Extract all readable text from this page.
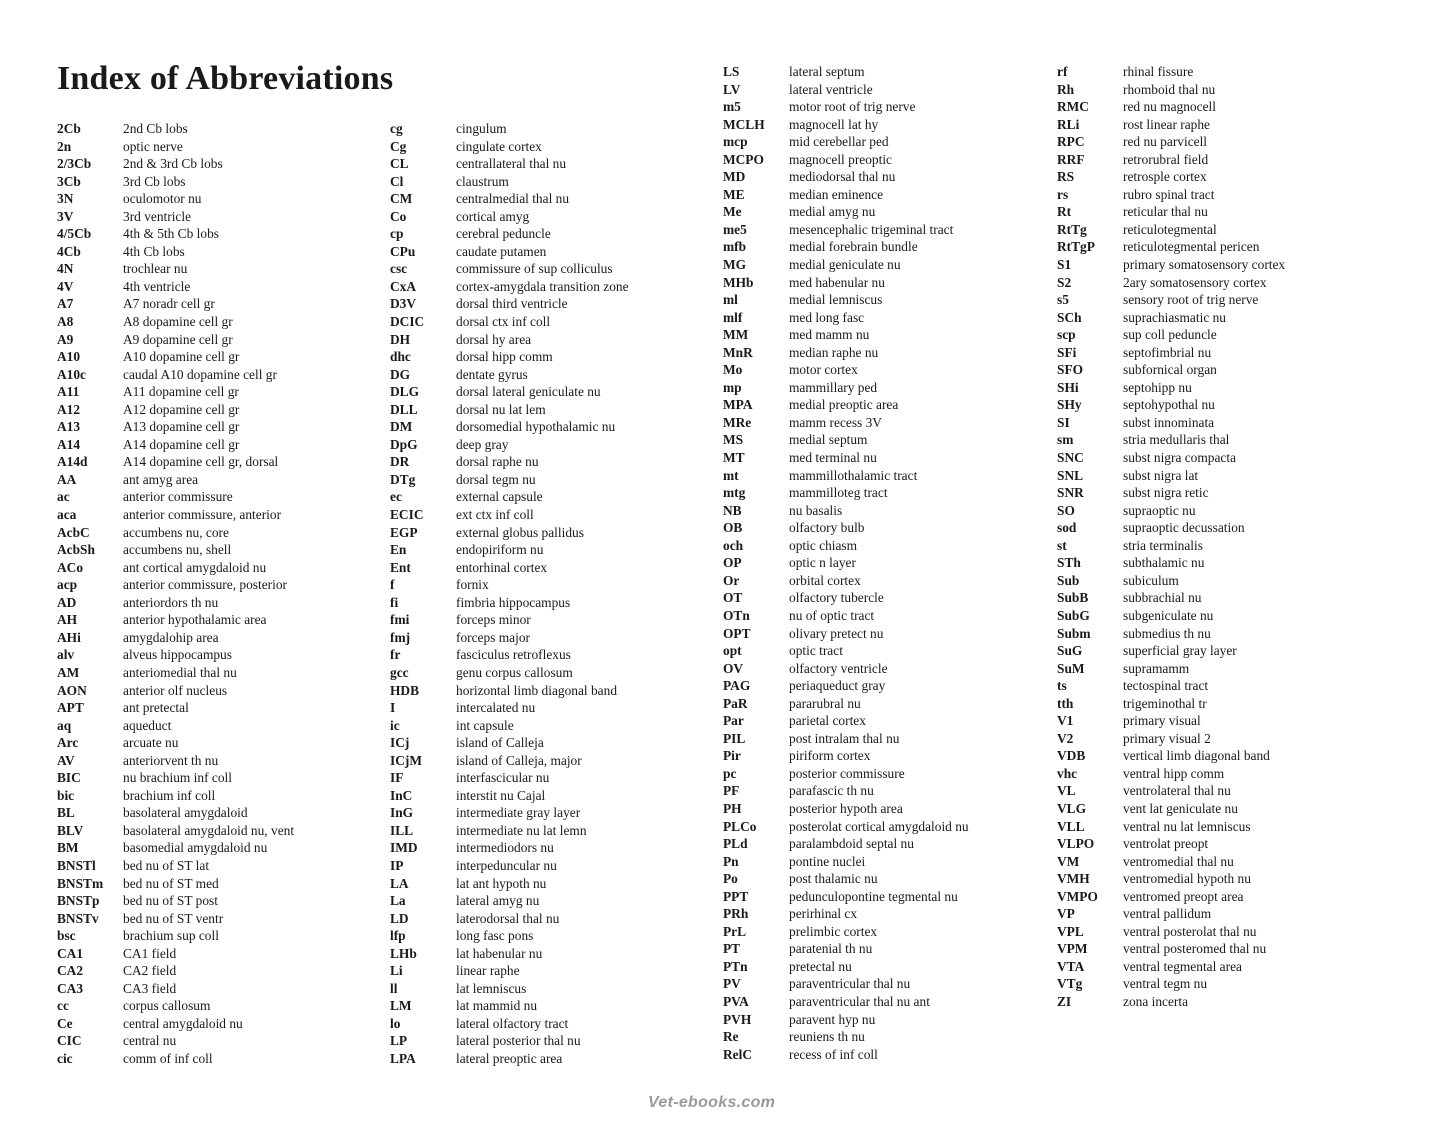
Index of Abbreviations
2Cb	2nd Cb lobs
2n	optic nerve
2/3Cb	2nd & 3rd Cb lobs
3Cb	3rd Cb lobs
3N	oculomotor nu
3V	3rd ventricle
4/5Cb	4th & 5th Cb lobs
4Cb	4th Cb lobs
4N	trochlear nu
4V	4th ventricle
A7	A7 noradr cell gr
A8	A8 dopamine cell gr
A9	A9 dopamine cell gr
A10	A10 dopamine cell gr
A10c	caudal A10 dopamine cell gr
A11	A11 dopamine cell gr
A12	A12 dopamine cell gr
A13	A13 dopamine cell gr
A14	A14 dopamine cell gr
A14d	A14 dopamine cell gr, dorsal
AA	ant amyg area
ac	anterior commissure
aca	anterior commissure, anterior
AcbC	accumbens nu, core
AcbSh	accumbens nu, shell
ACo	ant cortical amygdaloid nu
acp	anterior commissure, posterior
AD	anteriordors th nu
AH	anterior hypothalamic area
AHi	amygdalohip area
alv	alveus hippocampus
AM	anteriomedial thal nu
AON	anterior olf nucleus
APT	ant pretectal
aq	aqueduct
Arc	arcuate nu
AV	anteriorvent th nu
BIC	nu brachium inf coll
bic	brachium inf coll
BL	basolateral amygdaloid
BLV	basolateral amygdaloid nu, vent
BM	basomedial amygdaloid nu
BNSTl	bed nu of ST lat
BNSTm	bed nu of ST med
BNSTp	bed nu of ST post
BNSTv	bed nu of ST ventr
bsc	brachium sup coll
CA1	CA1 field
CA2	CA2 field
CA3	CA3 field
cc	corpus callosum
Ce	central amygdaloid nu
CIC	central nu
cic	comm of inf coll
cg	cingulum
Cg	cingulate cortex
CL	centrallateral thal nu
Cl	claustrum
CM	centralmedial thal nu
Co	cortical amyg
cp	cerebral peduncle
CPu	caudate putamen
csc	commissure of sup colliculus
CxA	cortex-amygdala transition zone
D3V	dorsal third ventricle
DCIC	dorsal ctx inf coll
DH	dorsal hy area
dhc	dorsal hipp comm
DG	dentate gyrus
DLG	dorsal lateral geniculate nu
DLL	dorsal nu lat lem
DM	dorsomedial hypothalamic nu
DpG	deep gray
DR	dorsal raphe nu
DTg	dorsal tegm nu
ec	external capsule
ECIC	ext ctx inf coll
EGP	external globus pallidus
En	endopiriform nu
Ent	entorhinal cortex
f	fornix
fi	fimbria hippocampus
fmi	forceps minor
fmj	forceps major
fr	fasciculus retroflexus
gcc	genu corpus callosum
HDB	horizontal limb diagonal band
I	intercalated nu
ic	int capsule
ICj	island of Calleja
ICjM	island of Calleja, major
IF	interfascicular nu
InC	interstit nu Cajal
InG	intermediate gray layer
ILL	intermediate nu lat lemn
IMD	intermediodors nu
IP	interpeduncular nu
LA	lat ant hypoth nu
La	lateral amyg nu
LD	laterodorsal thal nu
lfp	long fasc pons
LHb	lat habenular nu
Li	linear raphe
ll	lat lemniscus
LM	lat mammid nu
lo	lateral olfactory tract
LP	lateral posterior thal nu
LPA	lateral preoptic area
LS	lateral septum
LV	lateral ventricle
m5	motor root of trig nerve
MCLH	magnocell lat hy
mcp	mid cerebellar ped
MCPO	magnocell preoptic
MD	mediodorsal thal nu
ME	median eminence
Me	medial amyg nu
me5	mesencephalic trigeminal tract
mfb	medial forebrain bundle
MG	medial geniculate nu
MHb	med habenular nu
ml	medial lemniscus
mlf	med long fasc
MM	med mamm nu
MnR	median raphe nu
Mo	motor cortex
mp	mammillary ped
MPA	medial preoptic area
MRe	mamm recess 3V
MS	medial septum
MT	med terminal nu
mt	mammillothalamic tract
mtg	mammilloteg tract
NB	nu basalis
OB	olfactory bulb
och	optic chiasm
OP	optic n layer
Or	orbital cortex
OT	olfactory tubercle
OTn	nu of optic tract
OPT	olivary pretect nu
opt	optic tract
OV	olfactory ventricle
PAG	periaqueduct gray
PaR	pararubral nu
Par	parietal cortex
PIL	post intralam thal nu
Pir	piriform cortex
pc	posterior commissure
PF	parafascic th nu
PH	posterior hypoth area
PLCo	posterolat cortical amygdaloid nu
PLd	paralambdoid septal nu
Pn	pontine nuclei
Po	post thalamic nu
PPT	pedunculopontine tegmental nu
PRh	perirhinal cx
PrL	prelimbic cortex
PT	paratenial th nu
PTn	pretectal nu
PV	paraventricular thal nu
PVA	paraventricular thal nu ant
PVH	paravent hyp nu
Re	reuniens th nu
RelC	recess of inf coll
rf	rhinal fissure
Rh	rhomboid thal nu
RMC	red nu magnocell
RLi	rost linear raphe
RPC	red nu parvicell
RRF	retrorubral field
RS	retrosple cortex
rs	rubro spinal tract
Rt	reticular thal nu
RtTg	reticulotegmental
RtTgP	reticulotegmental pericen
S1	primary somatosensory cortex
S2	2ary somatosensory cortex
s5	sensory root of trig nerve
SCh	suprachiasmatic nu
scp	sup coll peduncle
SFi	septofimbrial nu
SFO	subfornical organ
SHi	septohipp nu
SHy	septohypothal nu
SI	subst innominata
sm	stria medullaris thal
SNC	subst nigra compacta
SNL	subst nigra lat
SNR	subst nigra retic
SO	supraoptic nu
sod	supraoptic decussation
st	stria terminalis
STh	subthalamic nu
Sub	subiculum
SubB	subbrachial nu
SubG	subgeniculate nu
Subm	submedius th nu
SuG	superficial gray layer
SuM	supramamm
ts	tectospinal tract
tth	trigeminothal tr
V1	primary visual
V2	primary visual 2
VDB	vertical limb diagonal band
vhc	ventral hipp comm
VL	ventrolateral thal nu
VLG	vent lat geniculate nu
VLL	ventral nu lat lemniscus
VLPO	ventrolat preopt
VM	ventromedial thal nu
VMH	ventromedial hypoth nu
VMPO	ventromed preopt area
VP	ventral pallidum
VPL	ventral posterolat thal nu
VPM	ventral posteromed thal nu
VTA	ventral tegmental area
VTg	ventral tegm nu
ZI	zona incerta
Vet-ebooks.com
